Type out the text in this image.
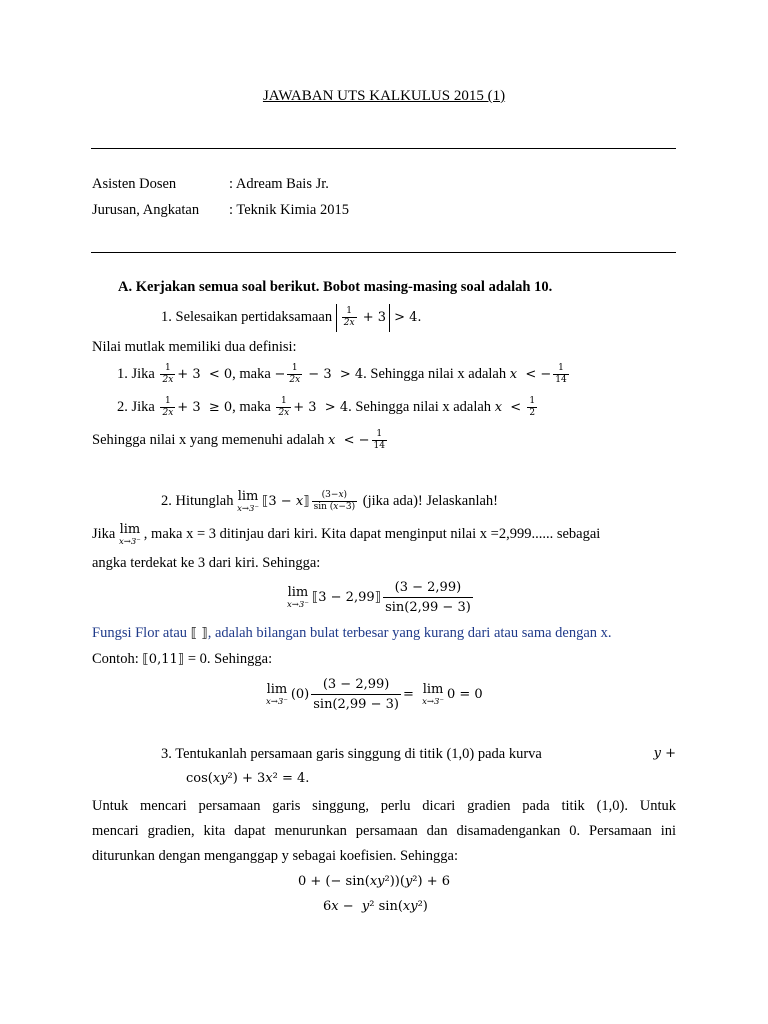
JAWABAN UTS KALKULUS 2015 (1)
Asisten Dosen	: Adream Bais Jr.
Jurusan, Angkatan : Teknik Kimia 2015
A. Kerjakan semua soal berikut. Bobot masing-masing soal adalah 10.
1. Selesaikan pertidaksamaan $\frac{1}{2x} + 3 > 4$.
Nilai mutlak memiliki dua definisi:
1. Jika $\frac{1}{2x} + 3 < 0$, maka − $\frac{1}{2x} - 3 > 4$. Sehingga nilai x adalah x  < − $\frac{1}{14}$
2. Jika $\frac{1}{2x} + 3 \ge 0$, maka $\frac{1}{2x} + 3 > 4$. Sehingga nilai x adalah $x < \frac{1}{2}$
Sehingga nilai x yang memenuhi adalah x  < − $\frac{1}{14}$
2. Hitunglah lim
x→3⁻ ⟦3 − x⟧ $\frac{(3-x)}{\sin (x-3)}$ (jika ada)! Jelaskanlah!
Jika lim
x→3⁻ , maka x = 3 ditinjau dari kiri. Kita dapat menginput nilai x =2,999...... sebagai
angka terdekat ke 3 dari kiri. Sehingga:
lim
x→3⁻ ⟦3 − 2,99⟧ $\frac{(3 - 2,99)}{\sin(2,99 - 3)}$
Fungsi Flor atau ⟦ ⟧, adalah bilangan bulat terbesar yang kurang dari atau sama dengan x.
Contoh: ⟦0,11⟧ = 0. Sehingga:
lim
x→3⁻ $(0) \frac{(3 - 2,99)}{\sin(2,99 - 3)} = \lim$
x→3⁻ 0 = 0
3. Tentukanlah persamaan garis singgung di titik (1,0) pada kurva	y +
cos(xy²) + 3x² = 4.
Untuk mencari persamaan garis singgung, perlu dicari gradien pada titik (1,0). Untuk
mencari gradien, kita dapat menurunkan persamaan dan disamadengankan 0. Persamaan ini
diturunkan dengan menganggap y sebagai koefisien. Sehingga:
0 + (− sin(xy²))(y²) + 6
6x −  y² sin(xy²)
